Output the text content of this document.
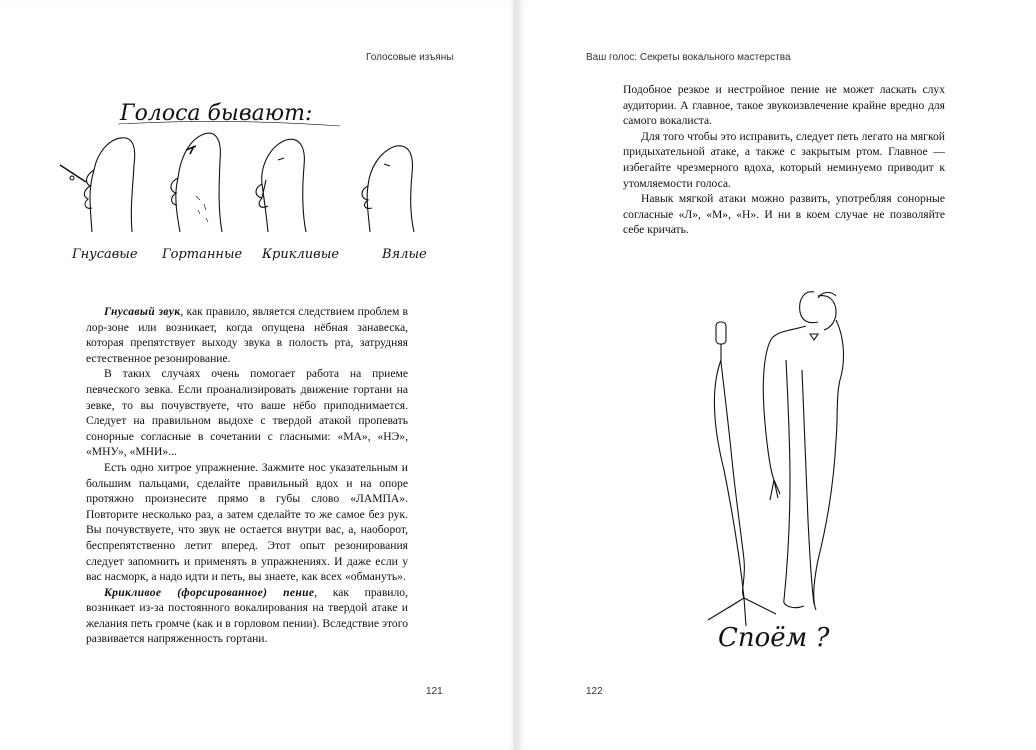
Голосовые изъяны
Голоса бывают:
Гнусавые Гортанные Крикливые	Вялые

Гнусавый звук, как правило, является следствием проблем в лор-зоне или возникает, когда опущена нёбная занавеска, которая препятствует выходу звука в полость рта, затрудняя естественное резонирование.

В таких случаях очень помогает работа на приеме певческого зевка. Если проанализировать движение гортани на зевке, то вы почувствуете, что ваше нёбо приподнимается. Следует на правильном выдохе с твердой атакой пропевать сонорные согласные в сочетании с гласными: «МА», «НЭ», «МНУ», «МНИ»...

Есть одно хитрое упражнение. Зажмите нос указательным и большим пальцами, сделайте правильный вдох и на опоре протяжно произнесите прямо в губы слово «ЛАМПА». Повторите несколько раз, а затем сделайте то же самое без рук. Вы почувствуете, что звук не остается внутри вас, а, наоборот, беспрепятственно летит вперед. Этот опыт резонирования следует запомнить и применять в упражнениях. И даже если у вас насморк, а надо идти и петь, вы знаете, как всех «обмануть».

Крикливое (форсированное) пение, как правило, возникает из-за постоянного вокалирования на твердой атаке и желания петь громче (как и в горловом пении). Вследствие этого развивается напряженность гортани.

121
Ваш голос: Секреты вокального мастерства

Подобное резкое и нестройное пение не может ласкать слух аудитории. А главное, такое звукоизвлечение крайне вредно для самого вокалиста.

Для того чтобы это исправить, следует петь легато на мягкой придыхательной атаке, а также с закрытым ртом. Главное — избегайте чрезмерного вдоха, который неминуемо приводит к утомляемости голоса.

Навык мягкой атаки можно развить, употребляя сонорные согласные «Л», «М», «Н». И ни в коем случае не позволяйте себе кричать.

Споём ?
122
